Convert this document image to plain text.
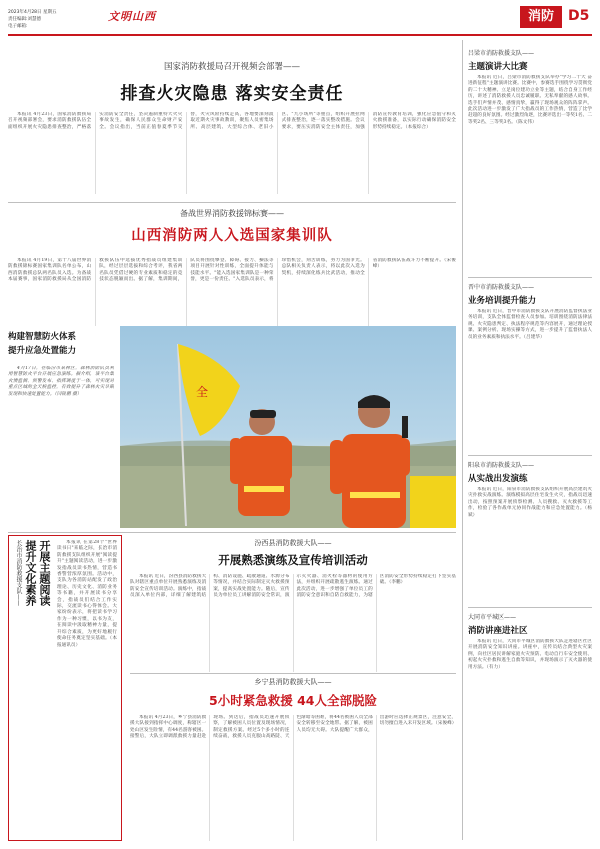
2023年4月28日 星期五
责任编辑:刘慧德
电子邮箱:
文明山西	消防	D5
国家消防救援局召开视频会部署——
排查火灾隐患 落实安全责任

本报讯 4月23日，国家消防救援局召开视频部署会，要求消防救援队伍全面组织开展火灾隐患排查整治，严格落实消防安全责任，坚决遏制重特大火灾事故发生，确保人民群众生命财产安全。会议指出，当前正值春夏季节交替，火灾风险持续走高，各地要深刻汲取近期火灾事故教训，聚焦人员密集场所、高层建筑、大型综合体、老旧小区、"九小场所"等重点，组织开展拉网式排查整治，逐一落实整改措施。会议要求，要压实消防安全主体责任，加强消防宣传教育培训，强化应急值守和灭火救援准备，以实际行动确保消防安全形势持续稳定。（本报综合）

备战世界消防救援锦标赛——
山西消防两人入选国家集训队

本报讯 4月19日，第十八届世界消防救援锦标赛国家集训队名单公布，山西消防救援总队两名队员入选。为备战本届赛事，国家消防救援局从全国消防救援队伍中选拔优秀指战员组建集训队，经过层层选拔和综合考评，我省两名队员凭借过硬的专业素质和稳定的竞技状态脱颖而出。据了解，集训期间，队员将围绕攀登、障碍、接力、操法等项目开展针对性训练，全面提升体能与技能水平。"能入选国家集训队是一种荣誉，更是一份责任。"入选队员表示，将珍惜机会，刻苦训练，努力为国争光。总队相关负责人表示，将以此次入选为契机，持续深化练兵比武活动，推动全省消防救援队伍战斗力不断提升。（宋俊峰）

全
构建智慧防火体系
提升应急处置能力

4月17日，在临汾市某林区，森林消防队员利用智慧防火平台开展应急演练。据介绍，该平台集火情监测、预警发布、指挥调度于一体，可实现对重点区域的全天候监控，有效提升了森林火灾早期发现和快速处置能力。（闫锐鹏 摄）

长治市消防救援支队——	开展主题阅读
提升文化素养	本报讯 在第28个"世界读书日"来临之际，长治市消防救援支队组织开展"阅读提升"主题阅读活动，进一步激发指战员读书热情，营造书香警营浓厚氛围。活动中，支队为各消防站配发了政治理论、历史文化、消防业务等书籍，并开展读书分享会，指战员们结合工作实际，交流读书心得体会。大家纷纷表示，将把读书学习作为一种习惯，以书为友，在阅读中汲取精神力量，提升综合素质，为更好地履行使命任务奠定坚实基础。（本报通讯员）

汾西县消防救援大队——
开展熟悉演练及宣传培训活动

本报讯 近日，汾西县消防救援大队对辖区重点单位开展熟悉演练及消防安全宣传培训活动。演练中，指战员深入单位内部，详细了解建筑结构、消防设施、疏散通道、水源分布等情况，并结合实际制定灭火救援预案，提高实战处置能力。随后，宣传员为单位员工讲解消防安全常识，演示灭火器、消火栓等器材的使用方法，并组织开展疏散逃生演练。通过此次活动，进一步增强了单位员工的消防安全意识和自防自救能力，为辖区消防安全形势持续稳定打下坚实基础。（李鹏）

乡宁县消防救援大队——
5小时紧急救援 44人全部脱险

本报讯 4月23日，乡宁县消防救援大队接到指挥中心调度，称辖区一处山区发生险情，有44名游客被困。接警后，大队立即调派救援力量赶赴现场。到达后，指战员迅速开展侦察，了解被困人员位置及现场情况，制定救援方案。经过5个多小时的连续奋战，救援人员克服山高路陡、天色渐暗等困难，将44名被困人员全部安全转移至安全地带。据了解，被困人员均无大碍。大队提醒广大群众，出游时应选择正规景区，注意安全，切勿擅自进入未开发区域。（宋俊峰）

吕梁市消防救援支队——
主题演讲大比赛

本报讯 近日，吕梁市消防救援支队举办"学习二十大 奋进新征程"主题演讲比赛。比赛中，参赛选手围绕学习贯彻党的二十大精神、立足岗位建功立业等主题，结合自身工作经历，讲述了消防救援人员忠诚履职、无私奉献的感人故事。选手们声情并茂、感情真挚，赢得了现场观众的阵阵掌声。此次活动进一步激发了广大指战员的工作热情，营造了比学赶超的良好氛围。经过激烈角逐，比赛评选出一等奖1名、二等奖2名、三等奖3名。（陈文伟）

晋中市消防救援支队——
业务培训提升能力

本报讯 近日，晋中市消防救援支队开展消防监督执法业务培训，支队全体监督检查人员参加。培训围绕消防法律法规、火灾隐患判定、执法程序规范等内容展开，通过理论授课、案例分析、现场实操等方式，进一步提升了监督执法人员的业务素质和执法水平。（吕建华）

阳泉市消防救援支队——
从实战出发演练

本报讯 近日，阳泉市消防救援支队组织开展高层建筑火灾扑救实战演练。演练模拟高层住宅发生火灾，指战员迅速出动，按照预案开展侦察检测、人员搜救、灭火救援等工作，检验了各作战单元协同作战能力和应急处置能力。（杨斌）

大同市平城区——
消防讲座进社区

本报讯 近日，大同市平城区消防救援大队走进辖区社区开展消防安全知识讲座。讲座中，宣传员结合典型火灾案例，向社区居民讲解家庭火灾预防、电动自行车安全使用、初起火灾扑救和逃生自救等知识，并现场演示了灭火器的使用方法。（有力）
